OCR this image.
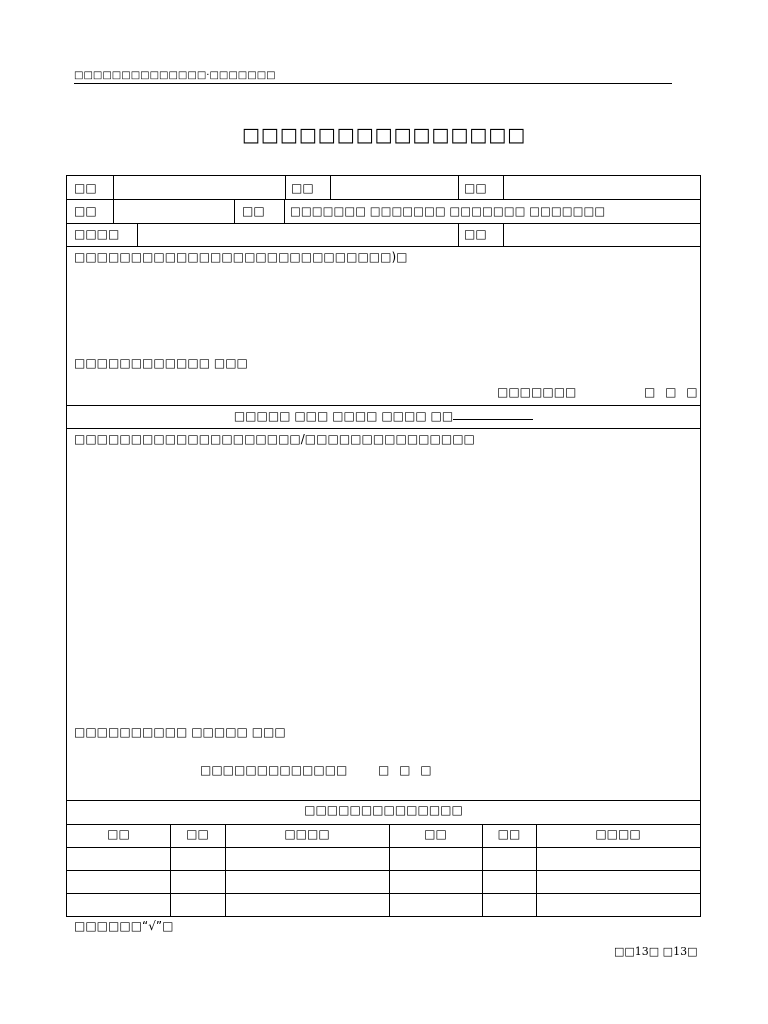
□□□□□□□□□□□□□□·□□□□□□□
□□□□□□□□□□□□□□□
□□	□□	□□
□□	□□ □□□□□□□ □□□□□□□ □□□□□□□ □□□□□□□
□□□□	□□
□□□□□□□□□□□□□□□□□□□□□□□□□□□□)□
□□□□□□□□□□□□ □□□
□□□□□□□	□ □ □
□□□□□ □□□ □□□□ □□□□ □□
□□□□□□□□□□□□□□□□□□□□/□□□□□□□□□□□□□□□
□□□□□□□□□□ □□□□□ □□□
□□□□□□□□□□□□□	□ □ □
□□□□□□□□□□□□□□
□□	□□	□□□□	□□	□□	□□□□
□□□□□□“√”□
□□13□ □13□
